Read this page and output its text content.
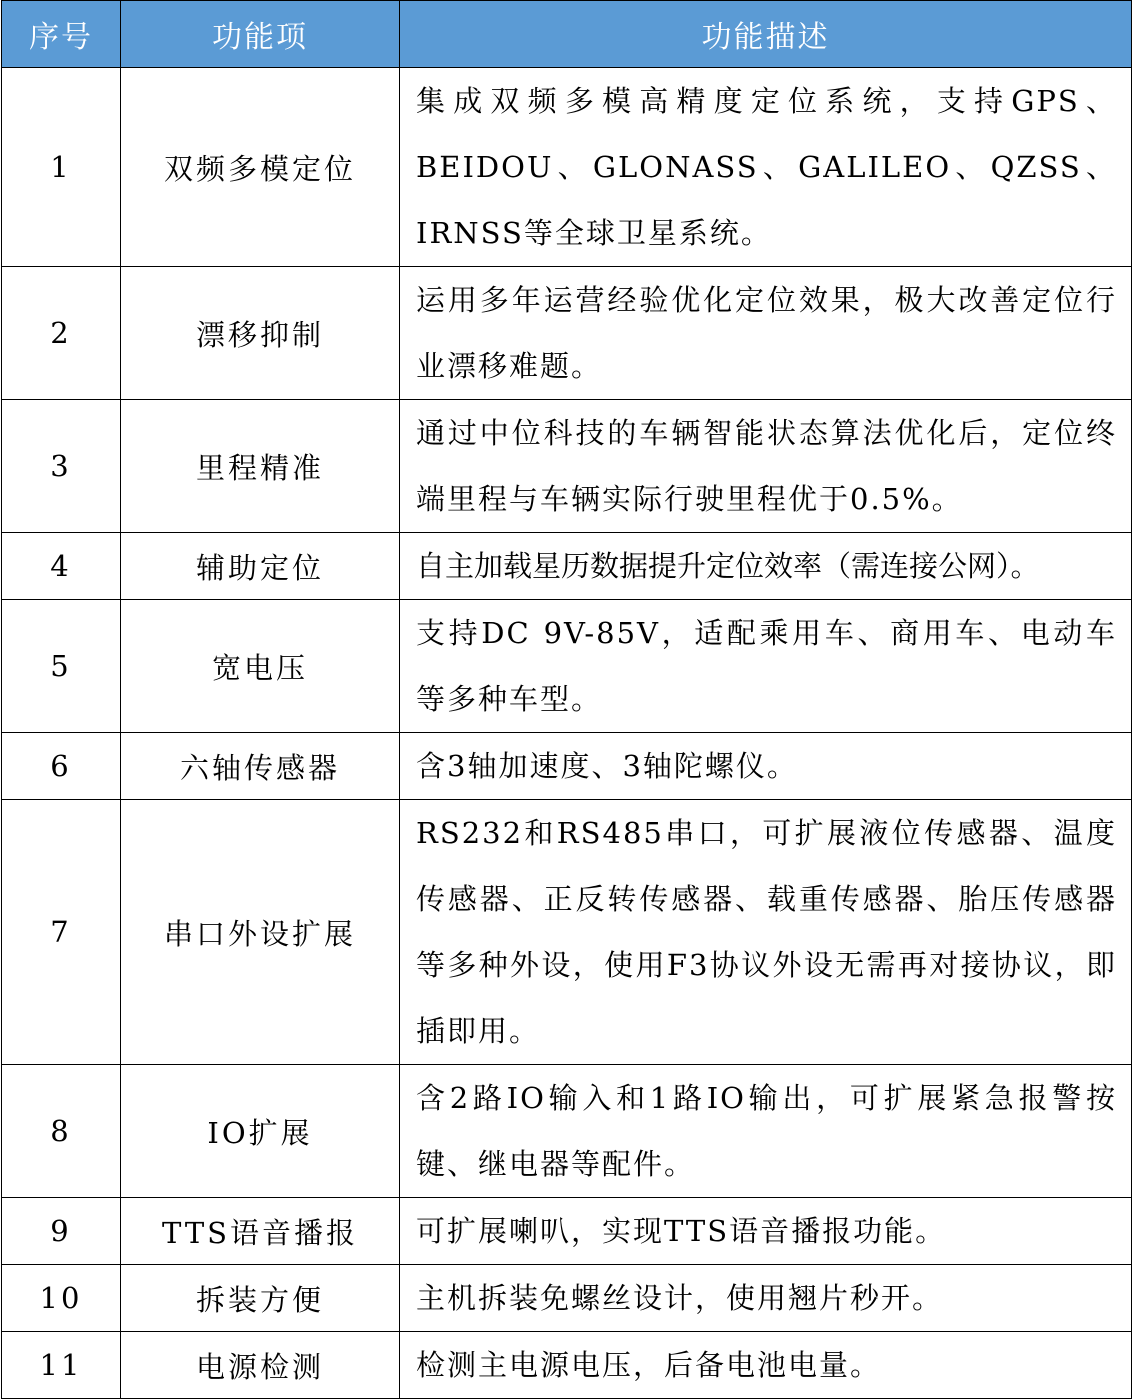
序号	功能项	功能描述
1	双频多模定位	集成双频多模高精度定位系统，支持GPS、BEIDOU、GLONASS、GALILEO、QZSS、IRNSS等全球卫星系统。
2	漂移抑制	运用多年运营经验优化定位效果，极大改善定位行业漂移难题。
3	里程精准	通过中位科技的车辆智能状态算法优化后，定位终端里程与车辆实际行驶里程优于0.5%。
4	辅助定位	自主加载星历数据提升定位效率（需连接公网）。
5	宽电压	支持DC 9V-85V，适配乘用车、商用车、电动车等多种车型。
6	六轴传感器	含3轴加速度、3轴陀螺仪。
7	串口外设扩展	RS232和RS485串口，可扩展液位传感器、温度传感器、正反转传感器、载重传感器、胎压传感器等多种外设，使用F3协议外设无需再对接协议，即插即用。
8	IO扩展	含2路IO输入和1路IO输出，可扩展紧急报警按键、继电器等配件。
9	TTS语音播报	可扩展喇叭，实现TTS语音播报功能。
10	拆装方便	主机拆装免螺丝设计，使用翘片秒开。
11	电源检测	检测主电源电压，后备电池电量。
